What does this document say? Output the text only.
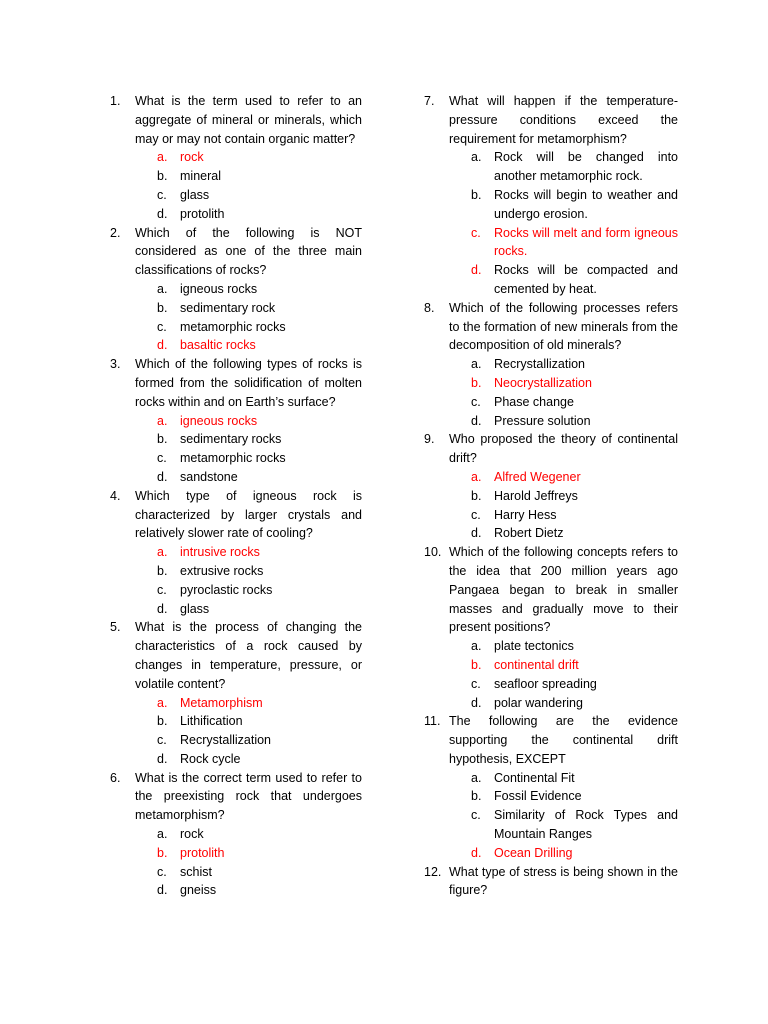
1.	What is the term used to refer to an aggregate of mineral or minerals, which may or may not contain organic matter?
a. rock
b. mineral
c. glass
d. protolith
2.	Which of the following is NOT considered as one of the three main classifications of rocks?
a. igneous rocks
b. sedimentary rock
c. metamorphic rocks
d. basaltic rocks
3.	Which of the following types of rocks is formed from the solidification of molten rocks within and on Earth’s surface?
a. igneous rocks
b. sedimentary rocks
c. metamorphic rocks
d. sandstone
4.	Which type of igneous rock is characterized by larger crystals and relatively slower rate of cooling?
a. intrusive rocks
b. extrusive rocks
c. pyroclastic rocks
d. glass
5.	What is the process of changing the characteristics of a rock caused by changes in temperature, pressure, or volatile content?
a. Metamorphism
b. Lithification
c. Recrystallization
d. Rock cycle
6.	What is the correct term used to refer to the preexisting rock that undergoes metamorphism?
a. rock
b. protolith
c. schist
d. gneiss
7.	What will happen if the temperature-pressure conditions exceed the requirement for metamorphism?
a. Rock will be changed into another metamorphic rock.
b. Rocks will begin to weather and undergo erosion.
c. Rocks will melt and form igneous rocks.
d. Rocks will be compacted and cemented by heat.
8.	Which of the following processes refers to the formation of new minerals from the decomposition of old minerals?
a. Recrystallization
b. Neocrystallization
c. Phase change
d. Pressure solution
9.	Who proposed the theory of continental drift?
a. Alfred Wegener
b. Harold Jeffreys
c. Harry Hess
d. Robert Dietz
10. Which of the following concepts refers to the idea that 200 million years ago Pangaea began to break in smaller masses and gradually move to their present positions?
a. plate tectonics
b. continental drift
c. seafloor spreading
d. polar wandering
11. The following are the evidence supporting the continental drift hypothesis, EXCEPT
a. Continental Fit
b. Fossil Evidence
c. Similarity of Rock Types and Mountain Ranges
d. Ocean Drilling
12. What type of stress is being shown in the figure?
